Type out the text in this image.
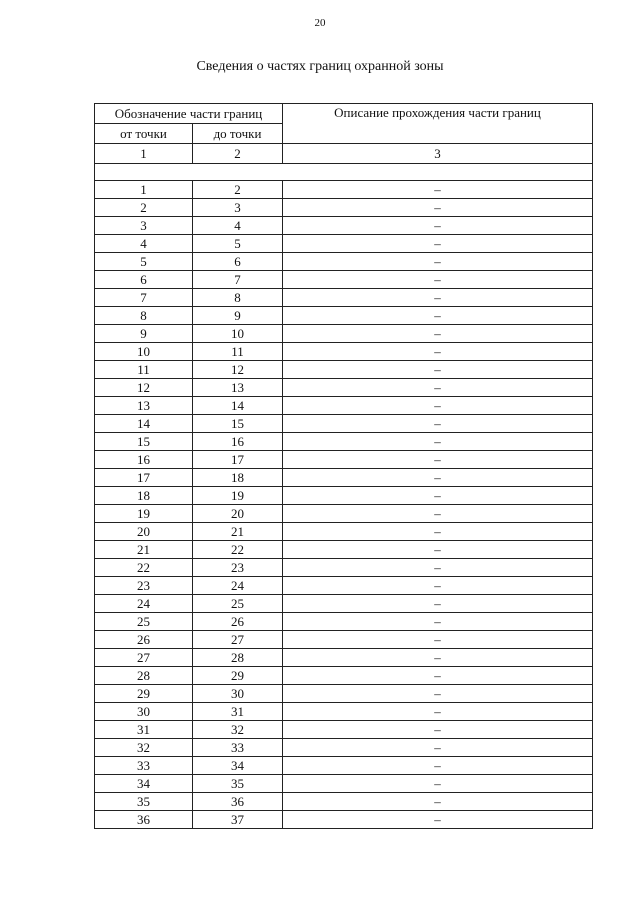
20
Сведения о частях границ охранной зоны
Обозначение части границ		Описание прохождения части границ
от точки	до точки	
1	2	3

1	2	–
2	3	–
3	4	–
4	5	–
5	6	–
6	7	–
7	8	–
8	9	–
9	10	–
10	11	–
11	12	–
12	13	–
13	14	–
14	15	–
15	16	–
16	17	–
17	18	–
18	19	–
19	20	–
20	21	–
21	22	–
22	23	–
23	24	–
24	25	–
25	26	–
26	27	–
27	28	–
28	29	–
29	30	–
30	31	–
31	32	–
32	33	–
33	34	–
34	35	–
35	36	–
36	37	–
